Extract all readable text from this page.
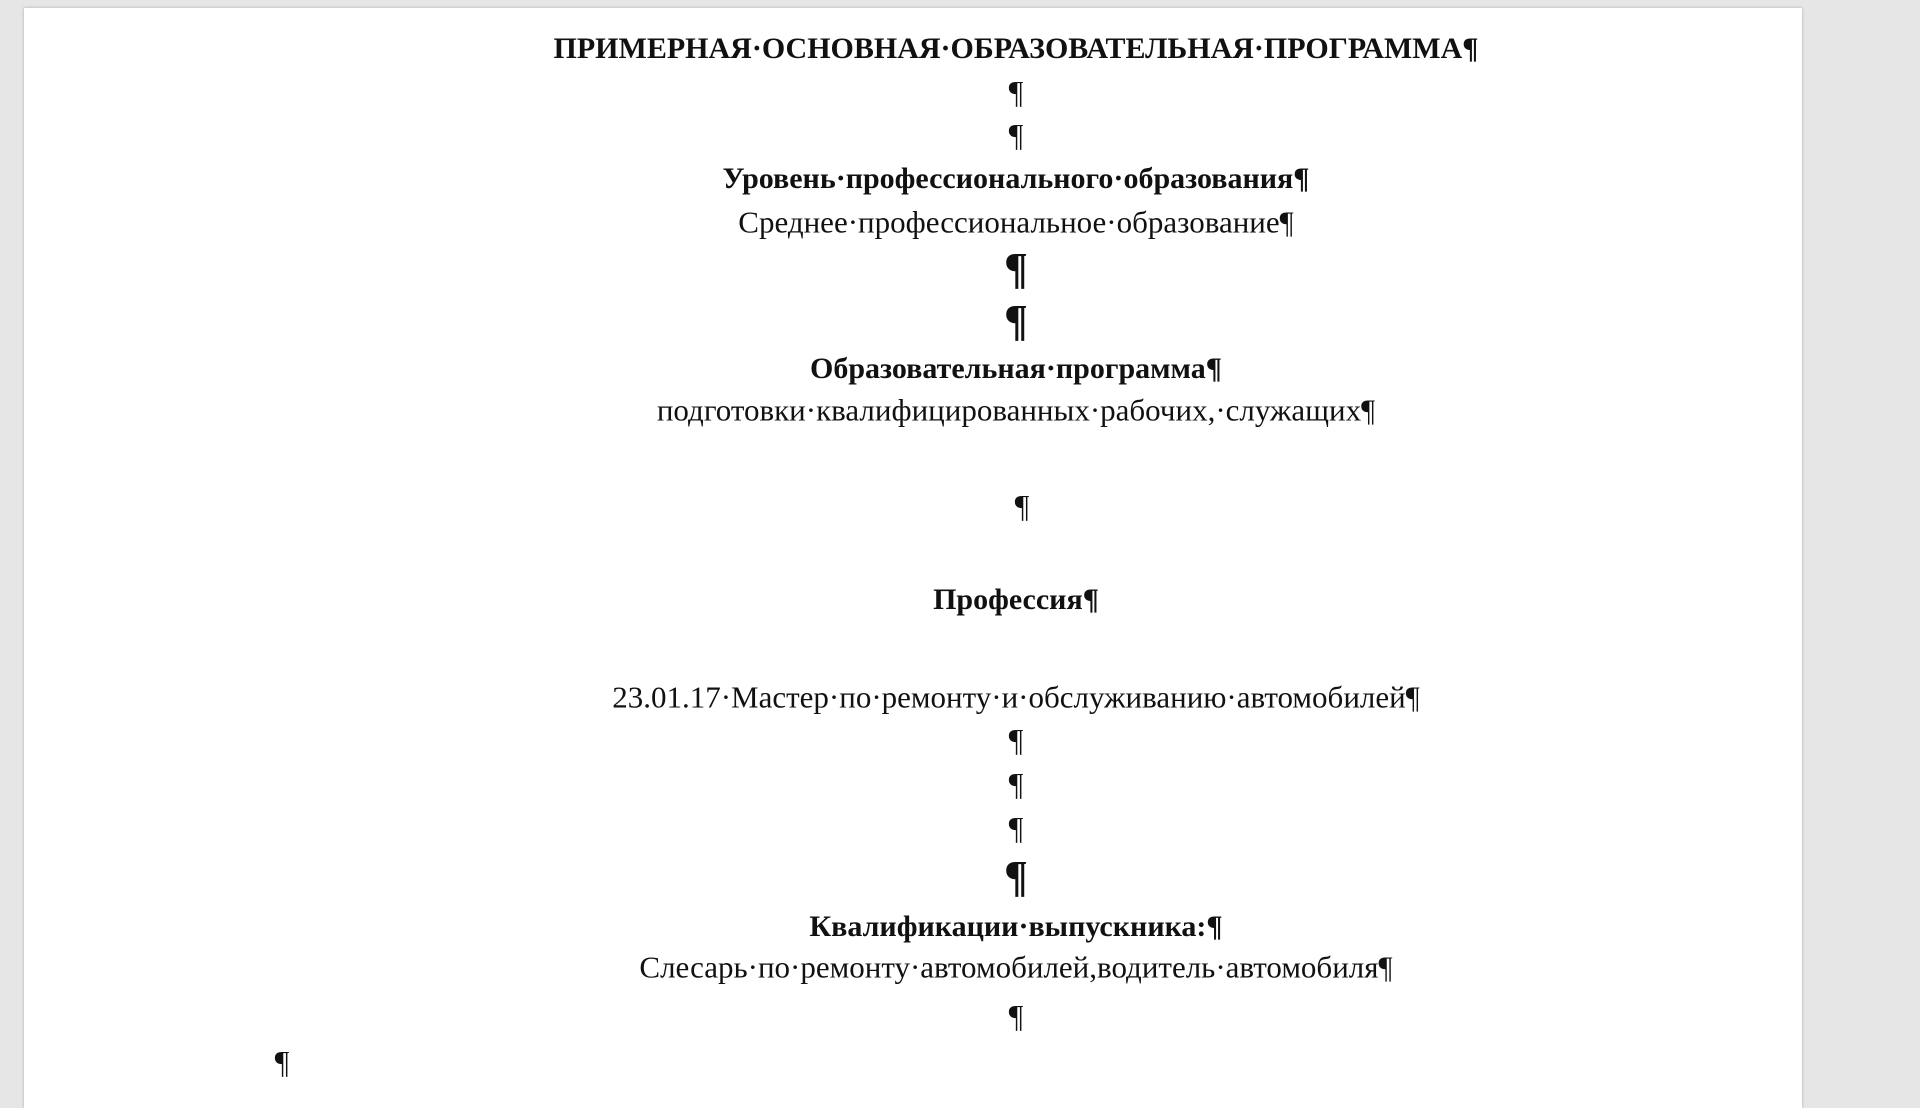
ПРИМЕРНАЯ·ОСНОВНАЯ·ОБРАЗОВАТЕЛЬНАЯ·ПРОГРАММА¶
¶
¶
Уровень·профессионального·образования¶
Среднее·профессиональное·образование¶
¶
¶
Образовательная·программа¶
подготовки·квалифицированных·рабочих,·служащих¶
¶
Профессия¶
23.01.17·Мастер·по·ремонту·и·обслуживанию·автомобилей¶
¶
¶
¶
¶
Квалификации·выпускника:¶
Слесарь·по·ремонту·автомобилей,водитель·автомобиля¶
¶
¶
